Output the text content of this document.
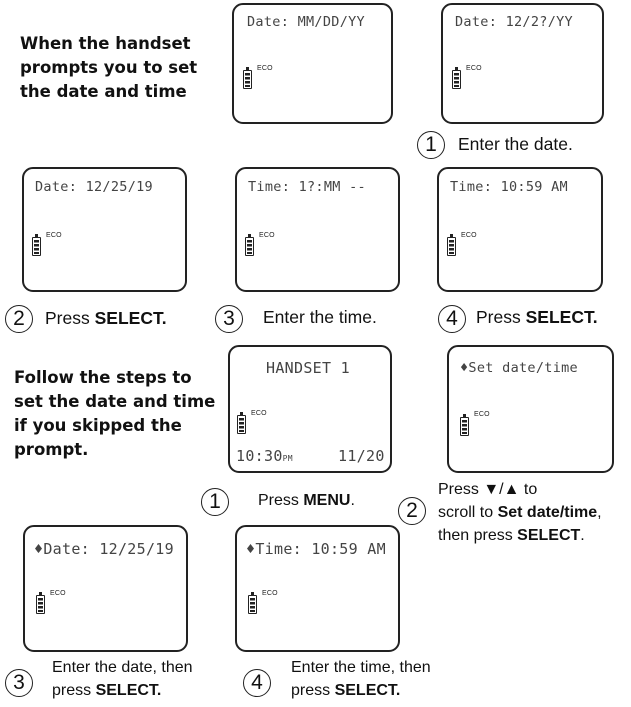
When the handset
prompts you to set
the date and time
Follow the steps to
set the date and time
if you skipped the
prompt.
Date: MM/DD/YY
ECO
Date: 12/2?/YY
ECO
1	Enter the date.
Date: 12/25/19
ECO
Time: 1?:MM --
ECO
Time: 10:59 AM
ECO
2	Press SELECT.	3	Enter the time.	4	Press SELECT.
HANDSET 1
ECO
10:30PM	11/20
♦Set date/time
ECO
1	Press MENU.	2
Press ▼/▲ to
scroll to Set date/time,
then press SELECT.
♦Date: 12/25/19
ECO
♦Time: 10:59 AM
ECO
3
Enter the date, then
press SELECT.	4
Enter the time, then
press SELECT.
